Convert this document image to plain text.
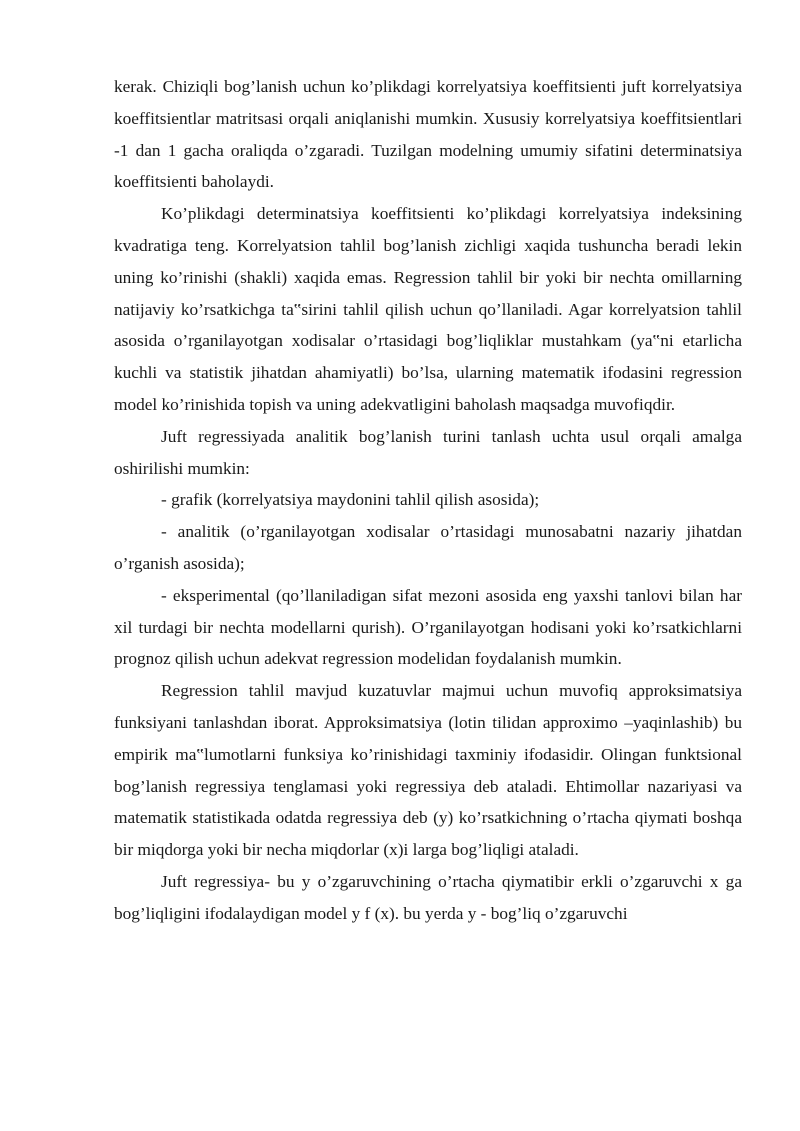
kerak. Chiziqli bog’lanish uchun ko’plikdagi korrelyatsiya koeffitsienti juft korrelyatsiya koeffitsientlar matritsasi orqali aniqlanishi mumkin. Xususiy korrelyatsiya koeffitsientlari -1 dan 1 gacha oraliqda o’zgaradi. Tuzilgan modelning umumiy sifatini determinatsiya koeffitsienti baholaydi.

Ko’plikdagi determinatsiya koeffitsienti ko’plikdagi korrelyatsiya indeksining kvadratiga teng. Korrelyatsion tahlil bog’lanish zichligi xaqida tushuncha beradi lekin uning ko’rinishi (shakli) xaqida emas. Regression tahlil bir yoki bir nechta omillarning natijaviy ko’rsatkichga ta‟sirini tahlil qilish uchun qo’llaniladi. Agar korrelyatsion tahlil asosida o’rganilayotgan xodisalar o’rtasidagi bog’liqliklar mustahkam (ya‟ni etarlicha kuchli va statistik jihatdan ahamiyatli) bo’lsa, ularning matematik ifodasini regression model ko’rinishida topish va uning adekvatligini baholash maqsadga muvofiqdir.

Juft regressiyada analitik bog’lanish turini tanlash uchta usul orqali amalga oshirilishi mumkin:

- grafik (korrelyatsiya maydonini tahlil qilish asosida);

- analitik (o’rganilayotgan xodisalar o’rtasidagi munosabatni nazariy jihatdan o’rganish asosida);

- eksperimental (qo’llaniladigan sifat mezoni asosida eng yaxshi tanlovi bilan har xil turdagi bir nechta modellarni qurish). O’rganilayotgan hodisani yoki ko’rsatkichlarni prognoz qilish uchun adekvat regression modelidan foydalanish mumkin.

Regression tahlil mavjud kuzatuvlar majmui uchun muvofiq approksimatsiya funksiyani tanlashdan iborat. Approksimatsiya (lotin tilidan approximo –yaqinlashib) bu empirik ma‟lumotlarni funksiya ko’rinishidagi taxminiy ifodasidir. Olingan funktsional bog’lanish regressiya tenglamasi yoki regressiya deb ataladi. Ehtimollar nazariyasi va matematik statistikada odatda regressiya deb (y) ko’rsatkichning o’rtacha qiymati boshqa bir miqdorga yoki bir necha miqdorlar (x)i larga bog’liqligi ataladi.

Juft regressiya- bu y o’zgaruvchining o’rtacha qiymatibir erkli o’zgaruvchi x ga bog’liqligini ifodalaydigan model y f (x). bu yerda y - bog’liq o’zgaruvchi
